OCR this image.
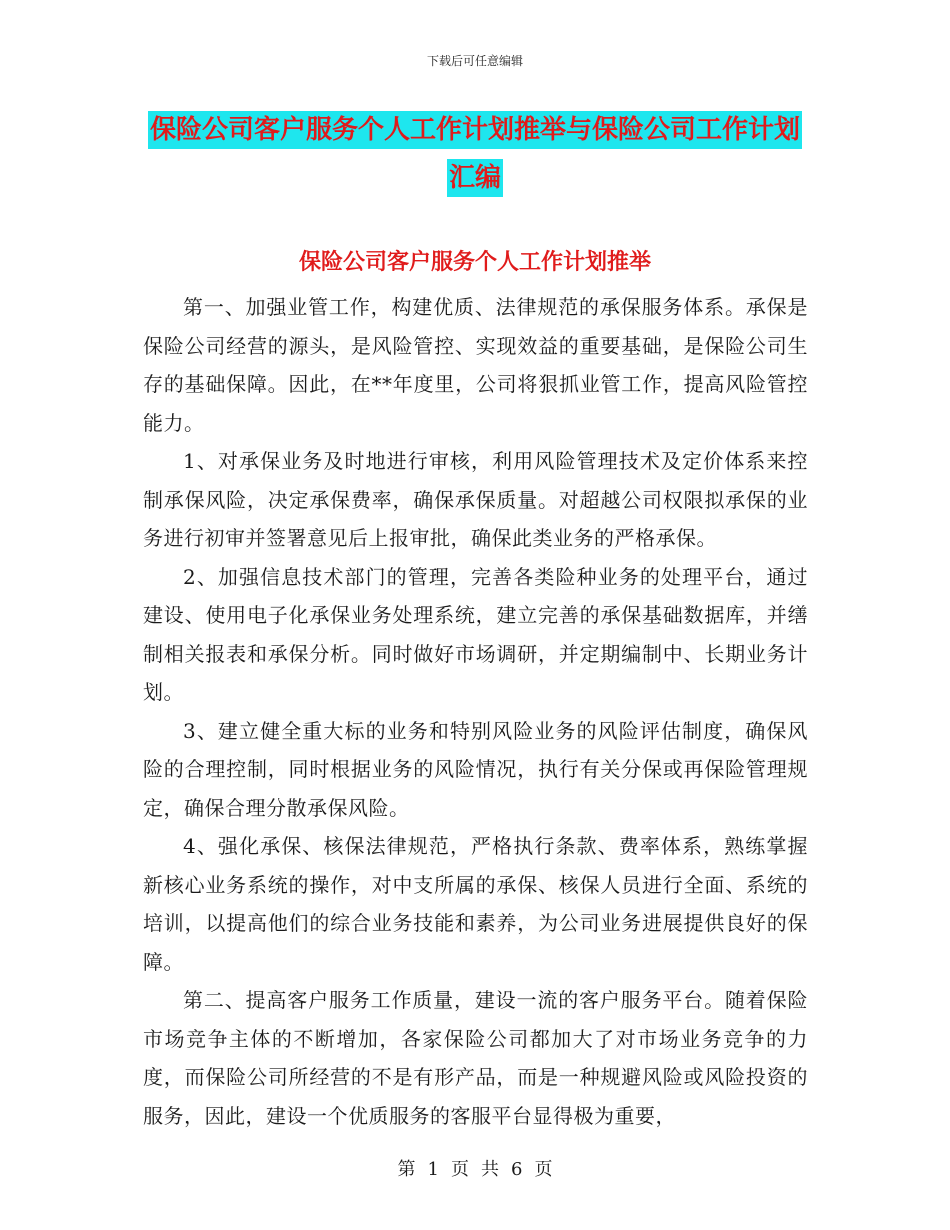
下载后可任意编辑
保险公司客户服务个人工作计划推举与保险公司工作计划汇编
保险公司客户服务个人工作计划推举

第一、加强业管工作，构建优质、法律规范的承保服务体系。承保是保险公司经营的源头，是风险管控、实现效益的重要基础，是保险公司生存的基础保障。因此，在**年度里，公司将狠抓业管工作，提高风险管控能力。

1、对承保业务及时地进行审核，利用风险管理技术及定价体系来控制承保风险，决定承保费率，确保承保质量。对超越公司权限拟承保的业务进行初审并签署意见后上报审批，确保此类业务的严格承保。

2、加强信息技术部门的管理，完善各类险种业务的处理平台，通过建设、使用电子化承保业务处理系统，建立完善的承保基础数据库，并缮制相关报表和承保分析。同时做好市场调研，并定期编制中、长期业务计划。

3、建立健全重大标的业务和特别风险业务的风险评估制度，确保风险的合理控制，同时根据业务的风险情况，执行有关分保或再保险管理规定，确保合理分散承保风险。

4、强化承保、核保法律规范，严格执行条款、费率体系，熟练掌握新核心业务系统的操作，对中支所属的承保、核保人员进行全面、系统的培训，以提高他们的综合业务技能和素养，为公司业务进展提供良好的保障。

第二、提高客户服务工作质量，建设一流的客户服务平台。随着保险市场竞争主体的不断增加，各家保险公司都加大了对市场业务竞争的力度，而保险公司所经营的不是有形产品，而是一种规避风险或风险投资的服务，因此，建设一个优质服务的客服平台显得极为重要，

第 1 页 共 6 页
